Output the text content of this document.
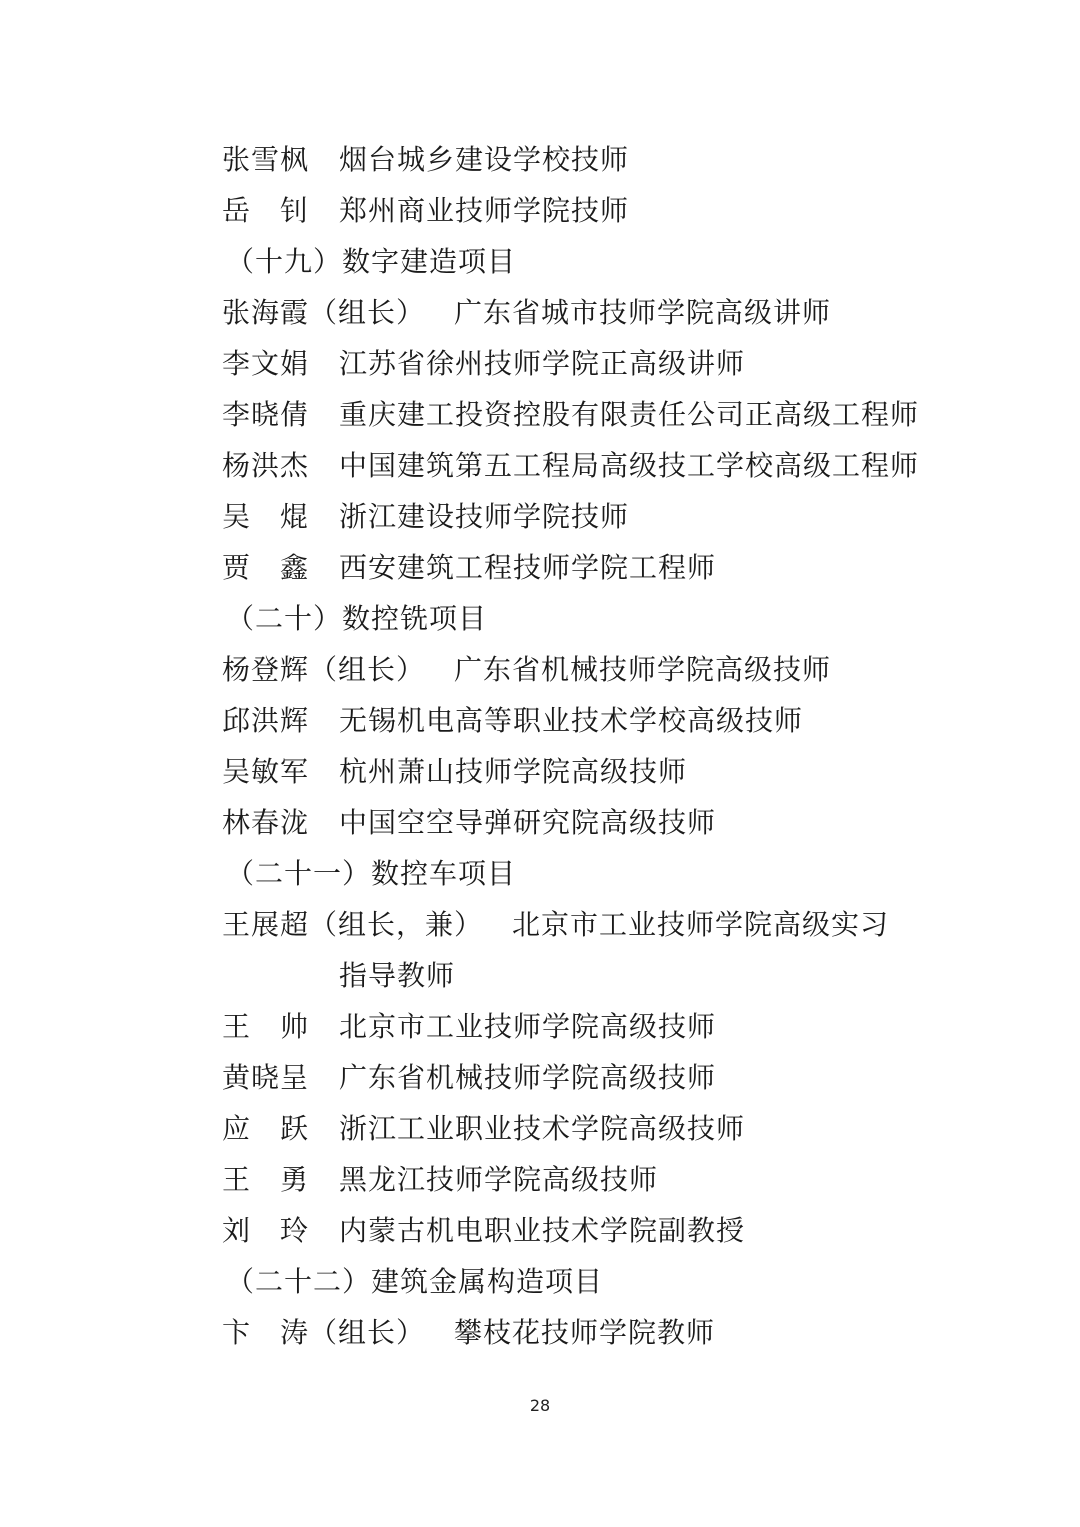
张雪枫 烟台城乡建设学校技师
岳　钊 郑州商业技师学院技师
（十九）数字建造项目
张海霞（组长） 广东省城市技师学院高级讲师
李文娟 江苏省徐州技师学院正高级讲师
李晓倩 重庆建工投资控股有限责任公司正高级工程师
杨洪杰 中国建筑第五工程局高级技工学校高级工程师
吴　焜 浙江建设技师学院技师
贾　鑫 西安建筑工程技师学院工程师
（二十）数控铣项目
杨登辉（组长） 广东省机械技师学院高级技师
邱洪辉 无锡机电高等职业技术学校高级技师
吴敏军 杭州萧山技师学院高级技师
林春泷 中国空空导弹研究院高级技师
（二十一）数控车项目
王展超（组长，兼） 北京市工业技师学院高级实习
指导教师
王　帅 北京市工业技师学院高级技师
黄晓呈 广东省机械技师学院高级技师
应　跃 浙江工业职业技术学院高级技师
王　勇 黑龙江技师学院高级技师
刘　玲 内蒙古机电职业技术学院副教授
（二十二）建筑金属构造项目
卞　涛（组长） 攀枝花技师学院教师
28
